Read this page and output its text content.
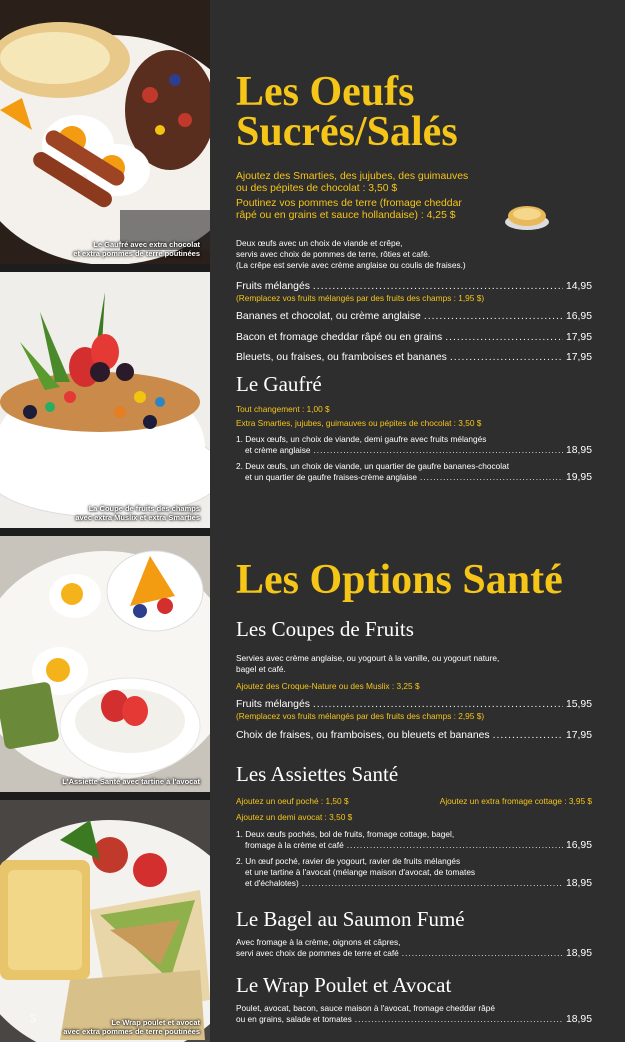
Le Gaufré avec extra chocolat
et extra pommes de terre poutinées
La Coupe de fruits des champs
avec extra Muslix et extra Smarties
L'Assiette Santé avec tartine à l'avocat
Le Wrap poulet et avocat
avec extra pommes de terre poutinées
5
Les Oeufs
Sucrés/Salés
Ajoutez des Smarties, des jujubes, des guimauves
ou des pépites de chocolat : 3,50 $
Poutinez vos pommes de terre (fromage cheddar
râpé ou en grains et sauce hollandaise) : 4,25 $
Deux œufs avec un choix de viande et crêpe,
servis avec choix de pommes de terre, rôties et café.
(La crêpe est servie avec crème anglaise ou coulis de fraises.)
Fruits mélangés .....	14,95
(Remplacez vos fruits mélangés par des fruits des champs : 1,95 $)
Bananes et chocolat, ou crème anglaise .....	16,95
Bacon et fromage cheddar râpé ou en grains .....	17,95
Bleuets, ou fraises, ou framboises et bananes .....	17,95
Le Gaufré
Tout changement : 1,00 $
Extra Smarties, jujubes, guimauves ou pépites de chocolat : 3,50 $
1. Deux œufs, un choix de viande, demi gaufre avec fruits mélangés
et crème anglaise .....	18,95
2. Deux œufs, un choix de viande, un quartier de gaufre bananes-chocolat
et un quartier de gaufre fraises-crème anglaise .....	19,95
Les Options Santé
Les Coupes de Fruits
Servies avec crème anglaise, ou yogourt à la vanille, ou yogourt nature,
bagel et café.
Ajoutez des Croque-Nature ou des Muslix : 3,25 $
Fruits mélangés .....	15,95
(Remplacez vos fruits mélangés par des fruits des champs : 2,95 $)
Choix de fraises, ou framboises, ou bleuets et bananes .....	17,95
Les Assiettes Santé
Ajoutez un oeuf poché : 1,50 $	Ajoutez un extra fromage cottage : 3,95 $
Ajoutez un demi avocat : 3,50 $
1. Deux œufs pochés, bol de fruits, fromage cottage, bagel,
fromage à la crème et café .....	16,95
2. Un œuf poché, ravier de yogourt, ravier de fruits mélangés
et une tartine à l'avocat (mélange maison d'avocat, de tomates
et d'échalotes) .....	18,95
Le Bagel au Saumon Fumé
Avec fromage à la crème, oignons et câpres,
servi avec choix de pommes de terre et café .....	18,95
Le Wrap Poulet et Avocat
Poulet, avocat, bacon, sauce maison à l'avocat, fromage cheddar râpé
ou en grains, salade et tomates .....	18,95
